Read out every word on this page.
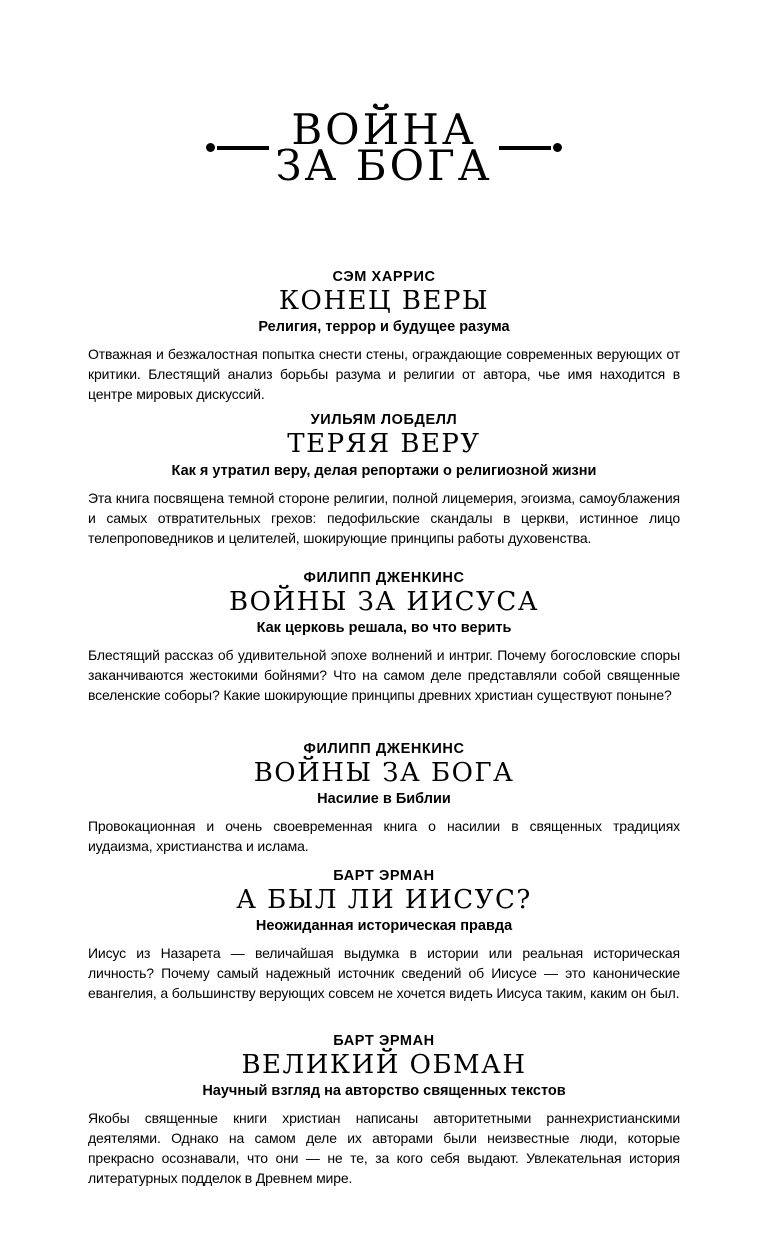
ВОЙНА
ЗА БОГА
СЭМ ХАРРИС
КОНЕЦ ВЕРЫ
Религия, террор и будущее разума

Отважная и безжалостная попытка снести стены, ограждающие современных верующих от критики. Блестящий анализ борьбы разума и религии от автора, чье имя находится в центре мировых дискуссий.

УИЛЬЯМ ЛОБДЕЛЛ
ТЕРЯЯ ВЕРУ
Как я утратил веру, делая репортажи о религиозной жизни

Эта книга посвящена темной стороне религии, полной лицемерия, эгоизма, самоублажения и самых отвратительных грехов: педофильские скандалы в церкви, истинное лицо телепроповедников и целителей, шокирующие принципы работы духовенства.

ФИЛИПП ДЖЕНКИНС
ВОЙНЫ ЗА ИИСУСА
Как церковь решала, во что верить

Блестящий рассказ об удивительной эпохе волнений и интриг. Почему богословские споры заканчиваются жестокими бойнями? Что на самом деле представляли собой священные вселенские соборы? Какие шокирующие принципы древних христиан существуют поныне?

ФИЛИПП ДЖЕНКИНС
ВОЙНЫ ЗА БОГА
Насилие в Библии

Провокационная и очень своевременная книга о насилии в священных традициях иудаизма, христианства и ислама.

БАРТ ЭРМАН
А БЫЛ ЛИ ИИСУС?
Неожиданная историческая правда

Иисус из Назарета — величайшая выдумка в истории или реальная историческая личность? Почему самый надежный источник сведений об Иисусе — это канонические евангелия, а большинству верующих совсем не хочется видеть Иисуса таким, каким он был.

БАРТ ЭРМАН
ВЕЛИКИЙ ОБМАН
Научный взгляд на авторство священных текстов

Якобы священные книги христиан написаны авторитетными раннехристианскими деятелями. Однако на самом деле их авторами были неизвестные люди, которые прекрасно осознавали, что они — не те, за кого себя выдают. Увлекательная история литературных подделок в Древнем мире.
